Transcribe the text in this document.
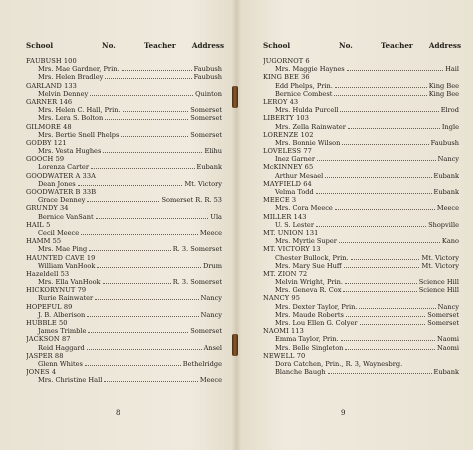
School	No.	Teacher Address
FAUBUSH 100
Mrs. Mae Gardner, Prin.	Faubush
Mrs. Helen Bradley	Faubush
GARLAND 133
Melvin Denney	Quinton
GARNER 146
Mrs. Helen C. Hall, Prin.	Somerset
Mrs. Lera S. Bolton	Somerset
GILMORE 48
Mrs. Bertie Snell Phelps	Somerset
GODBY 121
Mrs. Vesta Hughes	Elihu
GOOCH 59
Lorenza Carter	Eubank
GOODWATER A 33A
Dean Jones	Mt. Victory
GOODWATER B 33B
Grace Denney	Somerset R. R. 53
GRUNDY 34
Bernice VanSant	Ula
HAIL 5
Cecil Meece	Meece
HAMM 55
Mrs. Mae Ping	R. 3. Somerset
HAUNTED CAVE 19
William VanHook	Drum
Hazeldell 53
Mrs. Ella VanHook	R. 3. Somerset
HICKORYNUT 79
Rurie Rainwater	Nancy
HOPEFUL 89
J. B. Alberison	Nancy
HUBBLE 50
James Trimble	Somerset
JACKSON 87
Reid Haggard	Ansel
JASPER 88
Glenn Whites	Bethelridge
JONES 4
Mrs. Christine Hall	Meece
8
School	No.	Teacher Address
JUGORNOT 6
Mrs. Maggie Haynes	Hail
KING BEE 36
Edd Phelps, Prin.	King Bee
Bernice Combest	King Bee
LEROY 43
Mrs. Hulda Purcell	Elrod
LIBERTY 103
Mrs. Zella Rainwater	Ingle
LORENZE 102
Mrs. Bonnie Wilson	Faubush
LOVELESS 77
Inez Garner	Nancy
McKINNEY 65
Arthur Mesael	Eubank
MAYFIELD 64
Velma Todd	Eubank
MEECE 3
Mrs. Cora Meece	Meece
MILLER 143
U. S. Lester	Shopville
MT. UNION 131
Mrs. Myrtie Super	Kano
MT. VICTORY 13
Chester Bullock, Prin.	Mt. Victory
Mrs. Mary Sue Huff	Mt. Victory
MT. ZION 72
Melvin Wright, Prin.	Science Hill
Mrs. Geneva R. Cox	Science Hill
NANCY 95
Mrs. Dexter Taylor, Prin.	Nancy
Mrs. Maude Roberts	Somerset
Mrs. Lou Ellen G. Colyer	Somerset
NAOMI 113
Emma Taylor, Prin.	Naomi
Mrs. Belle Singleton	Naomi
NEWELL 70
Dora Catchen, Prin., R. 3, Waynesbrg.
Blanche Baugh	Eubank
9
